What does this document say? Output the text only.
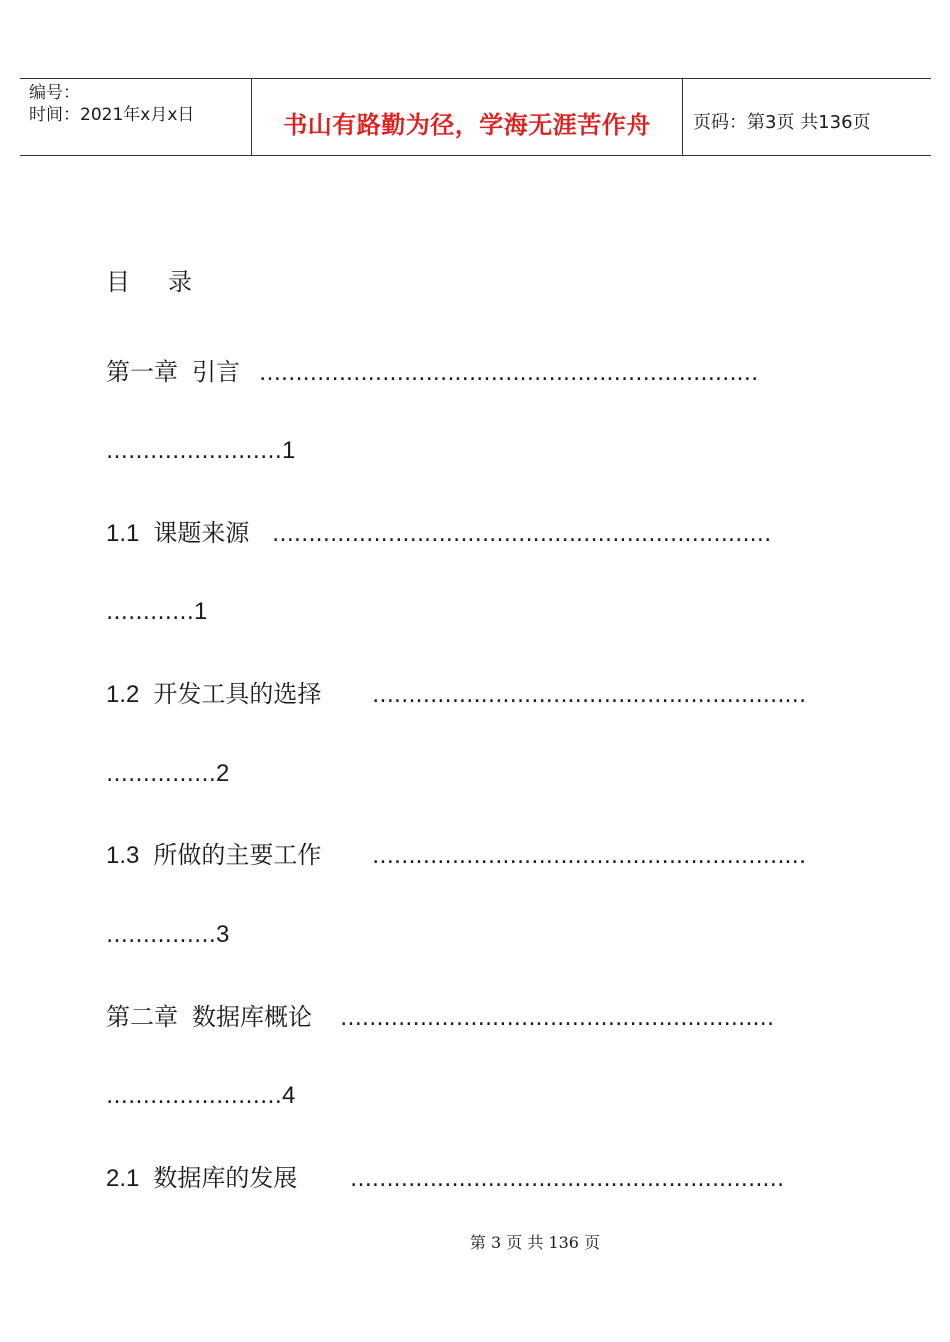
编号：
时间：2021年x月x日	书山有路勤为径，学海无涯苦作舟	页码：第3页 共136页
目 录
第一章 引言 ……………………………………………………………
……………………1
1.1 课题来源 ……………………………………………………………
…………1
1.2 开发工具的选择 ……………………………………………………
……………2
1.3 所做的主要工作 ……………………………………………………
……………3
第二章 数据库概论 ……………………………………………………
……………………4
2.1 数据库的发展 ……………………………………………………
第 3 页 共 136 页
